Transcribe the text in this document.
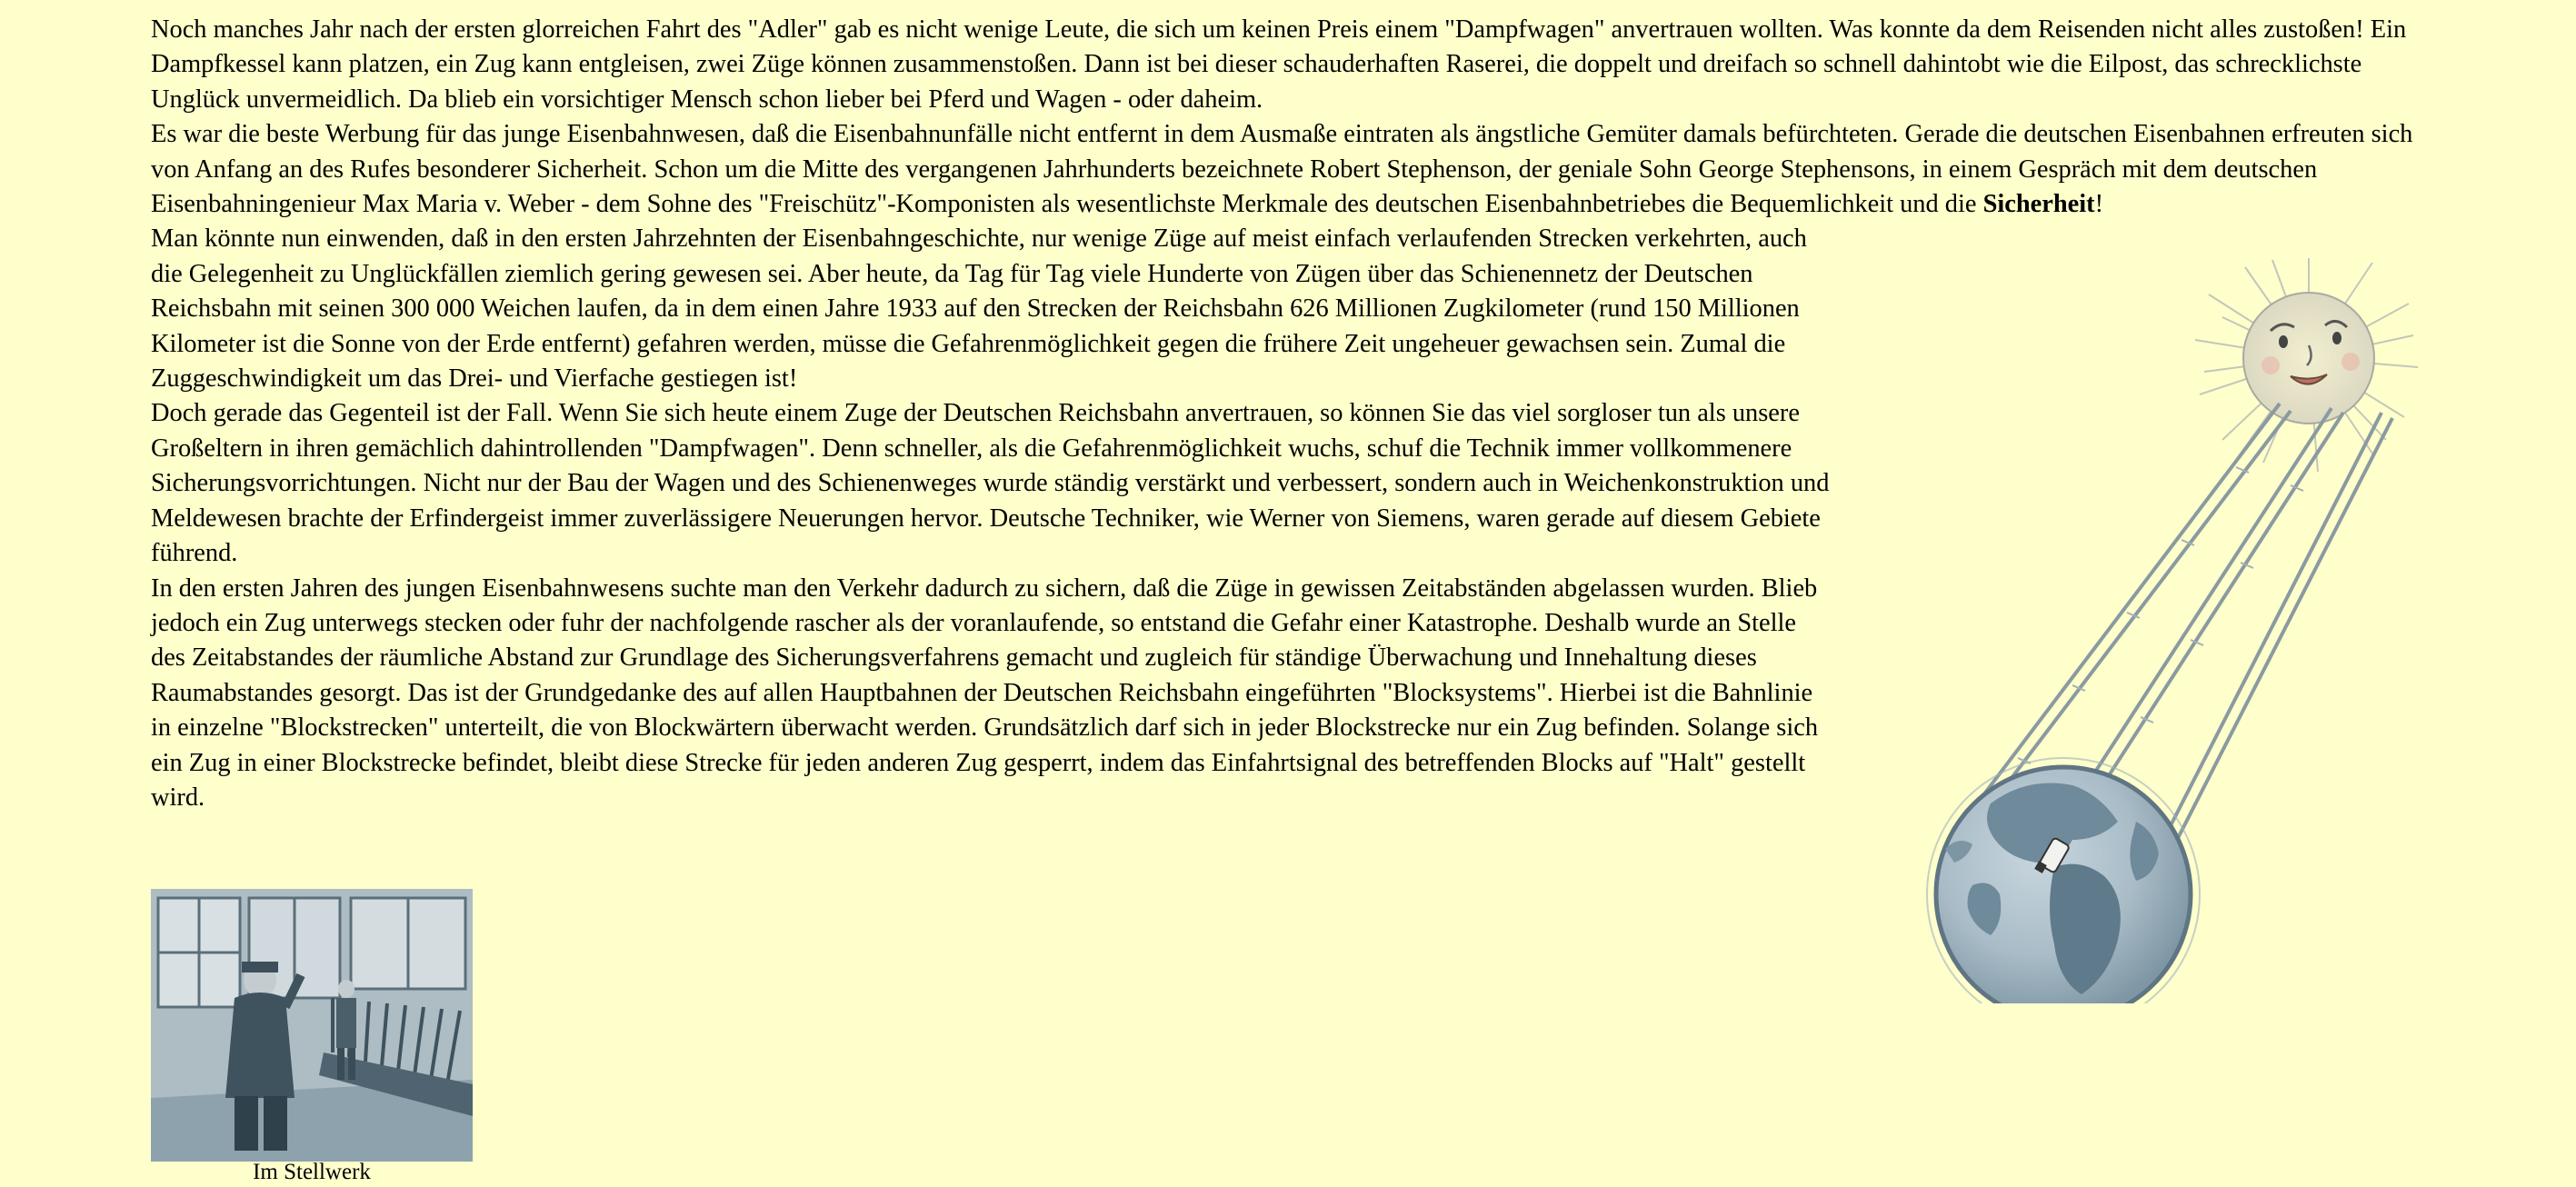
Noch manches Jahr nach der ersten glorreichen Fahrt des "Adler" gab es nicht wenige Leute, die sich um keinen Preis einem "Dampfwagen" anvertrauen wollten. Was konnte da dem Reisenden nicht alles zustoßen! Ein Dampfkessel kann platzen, ein Zug kann entgleisen, zwei Züge können zusammenstoßen. Dann ist bei dieser schauderhaften Raserei, die doppelt und dreifach so schnell dahintobt wie die Eilpost, das schrecklichste Unglück unvermeidlich. Da blieb ein vorsichtiger Mensch schon lieber bei Pferd und Wagen - oder daheim.

Es war die beste Werbung für das junge Eisenbahnwesen, daß die Eisenbahnunfälle nicht entfernt in dem Ausmaße eintraten als ängstliche Gemüter damals befürchteten. Gerade die deutschen Eisenbahnen erfreuten sich von Anfang an des Rufes besonderer Sicherheit. Schon um die Mitte des vergangenen Jahrhunderts bezeichnete Robert Stephenson, der geniale Sohn George Stephensons, in einem Gespräch mit dem deutschen Eisenbahningenieur Max Maria v. Weber - dem Sohne des "Freischütz"-Komponisten als wesentlichste Merkmale des deutschen Eisenbahnbetriebes die Bequemlichkeit und die Sicherheit!

Man könnte nun einwenden, daß in den ersten Jahrzehnten der Eisenbahngeschichte, nur wenige Züge auf meist einfach verlaufenden Strecken verkehrten, auch die Gelegenheit zu Unglückfällen ziemlich gering gewesen sei. Aber heute, da Tag für Tag viele Hunderte von Zügen über das Schienennetz der Deutschen Reichsbahn mit seinen 300 000 Weichen laufen, da in dem einen Jahre 1933 auf den Strecken der Reichsbahn 626 Millionen Zugkilometer (rund 150 Millionen Kilometer ist die Sonne von der Erde entfernt) gefahren werden, müsse die Gefahrenmöglichkeit gegen die frühere Zeit ungeheuer gewachsen sein. Zumal die Zuggeschwindigkeit um das Drei- und Vierfache gestiegen ist!

Doch gerade das Gegenteil ist der Fall. Wenn Sie sich heute einem Zuge der Deutschen Reichsbahn anvertrauen, so können Sie das viel sorgloser tun als unsere Großeltern in ihren gemächlich dahintrollenden "Dampfwagen". Denn schneller, als die Gefahrenmöglichkeit wuchs, schuf die Technik immer vollkommenere Sicherungsvorrichtungen. Nicht nur der Bau der Wagen und des Schienenweges wurde ständig verstärkt und verbessert, sondern auch in Weichenkonstruktion und Meldewesen brachte der Erfindergeist immer zuverlässigere Neuerungen hervor. Deutsche Techniker, wie Werner von Siemens, waren gerade auf diesem Gebiete führend.

In den ersten Jahren des jungen Eisenbahnwesens suchte man den Verkehr dadurch zu sichern, daß die Züge in gewissen Zeitabständen abgelassen wurden. Blieb jedoch ein Zug unterwegs stecken oder fuhr der nachfolgende rascher als der voranlaufende, so entstand die Gefahr einer Katastrophe. Deshalb wurde an Stelle des Zeitabstandes der räumliche Abstand zur Grundlage des Sicherungsverfahrens gemacht und zugleich für ständige Überwachung und Innehaltung dieses Raumabstandes gesorgt. Das ist der Grundgedanke des auf allen Hauptbahnen der Deutschen Reichsbahn eingeführten "Blocksystems". Hierbei ist die Bahnlinie in einzelne "Blockstrecken" unterteilt, die von Blockwärtern überwacht werden. Grundsätzlich darf sich in jeder Blockstrecke nur ein Zug befinden. Solange sich ein Zug in einer Blockstrecke befindet, bleibt diese Strecke für jeden anderen Zug gesperrt, indem das Einfahrtsignal des betreffenden Blocks auf "Halt" gestellt wird.

Im Stellwerk
